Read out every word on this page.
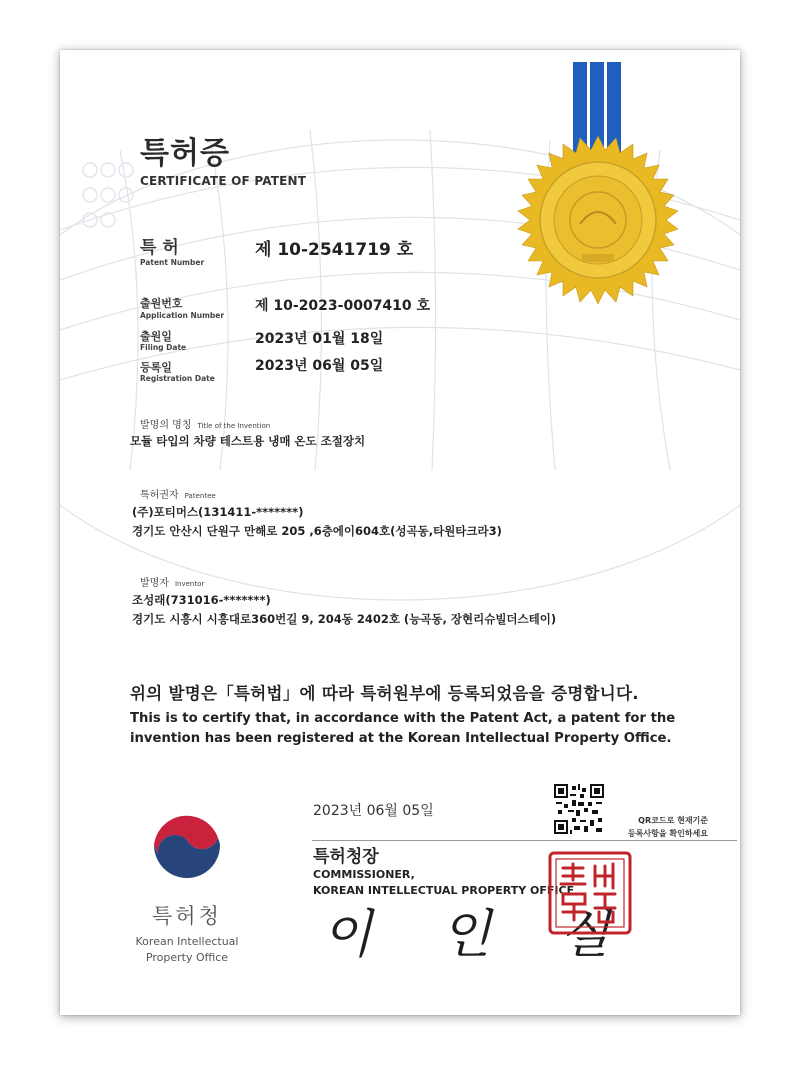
특허증
CERTIFICATE OF PATENT
특 허
Patent Number
제 10-2541719 호
출원번호
Application Number
제 10-2023-0007410 호
출원일
Filing Date
2023년 01월 18일
등록일
Registration Date
2023년 06월 05일
발명의 명칭 Title of the Invention
모듈 타입의 차량 테스트용 냉매 온도 조절장치
특허권자 Patentee
(주)포티머스(131411-*******)
경기도 안산시 단원구 만해로 205 ,6층에이604호(성곡동,타원타크라3)
발명자 Inventor
조성래(731016-*******)
경기도 시흥시 시흥대로360번길 9, 204동 2402호 (능곡동, 장현리슈빌더스테이)
위의 발명은「특허법」에 따라 특허원부에 등록되었음을 증명합니다.
This is to certify that, in accordance with the Patent Act, a patent for the
invention has been registered at the Korean Intellectual Property Office.
2023년 06월 05일
QR코드로 현재기준
등록사항을 확인하세요
특허청장
COMMISSIONER,
KOREAN INTELLECTUAL PROPERTY OFFICE
이 인 실
특허청
Korean Intellectual
Property Office
